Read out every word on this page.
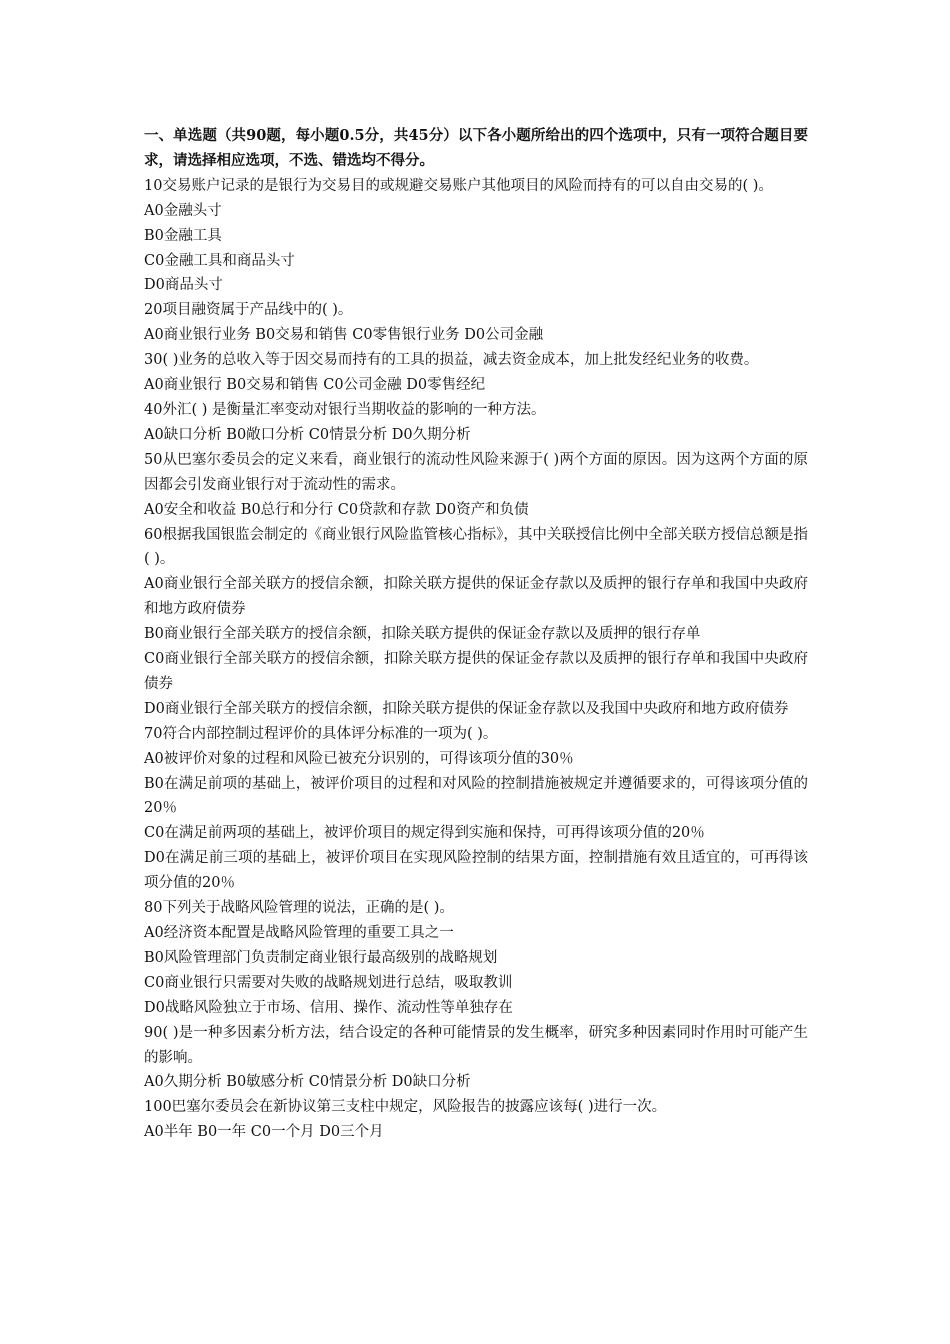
一、单选题（共90题，每小题0.5分，共45分）以下各小题所给出的四个选项中，只有一项符合题目要求，请选择相应选项，不选、错选均不得分。

10交易账户记录的是银行为交易目的或规避交易账户其他项目的风险而持有的可以自由交易的( )。

A0金融头寸

B0金融工具

C0金融工具和商品头寸

D0商品头寸

20项目融资属于产品线中的( )。

A0商业银行业务 B0交易和销售 C0零售银行业务 D0公司金融

30( )业务的总收入等于因交易而持有的工具的损益，减去资金成本，加上批发经纪业务的收费。

A0商业银行 B0交易和销售 C0公司金融 D0零售经纪

40外汇( ) 是衡量汇率变动对银行当期收益的影响的一种方法。

A0缺口分析 B0敞口分析 C0情景分析 D0久期分析

50从巴塞尔委员会的定义来看，商业银行的流动性风险来源于( )两个方面的原因。因为这两个方面的原因都会引发商业银行对于流动性的需求。

A0安全和收益 B0总行和分行 C0贷款和存款 D0资产和负债

60根据我国银监会制定的《商业银行风险监管核心指标》，其中关联授信比例中全部关联方授信总额是指( )。

A0商业银行全部关联方的授信余额，扣除关联方提供的保证金存款以及质押的银行存单和我国中央政府和地方政府债券

B0商业银行全部关联方的授信余额，扣除关联方提供的保证金存款以及质押的银行存单

C0商业银行全部关联方的授信余额，扣除关联方提供的保证金存款以及质押的银行存单和我国中央政府债券

D0商业银行全部关联方的授信余额，扣除关联方提供的保证金存款以及我国中央政府和地方政府债券

70符合内部控制过程评价的具体评分标准的一项为( )。

A0被评价对象的过程和风险已被充分识别的，可得该项分值的30％

B0在满足前项的基础上，被评价项目的过程和对风险的控制措施被规定并遵循要求的，可得该项分值的20％

C0在满足前两项的基础上，被评价项目的规定得到实施和保持，可再得该项分值的20％

D0在满足前三项的基础上，被评价项目在实现风险控制的结果方面，控制措施有效且适宜的，可再得该项分值的20％

80下列关于战略风险管理的说法，正确的是( )。

A0经济资本配置是战略风险管理的重要工具之一

B0风险管理部门负责制定商业银行最高级别的战略规划

C0商业银行只需要对失败的战略规划进行总结，吸取教训

D0战略风险独立于市场、信用、操作、流动性等单独存在

90( )是一种多因素分析方法，结合设定的各种可能情景的发生概率，研究多种因素同时作用时可能产生的影响。

A0久期分析 B0敏感分析 C0情景分析 D0缺口分析

100巴塞尔委员会在新协议第三支柱中规定，风险报告的披露应该每( )进行一次。

A0半年 B0一年 C0一个月 D0三个月
